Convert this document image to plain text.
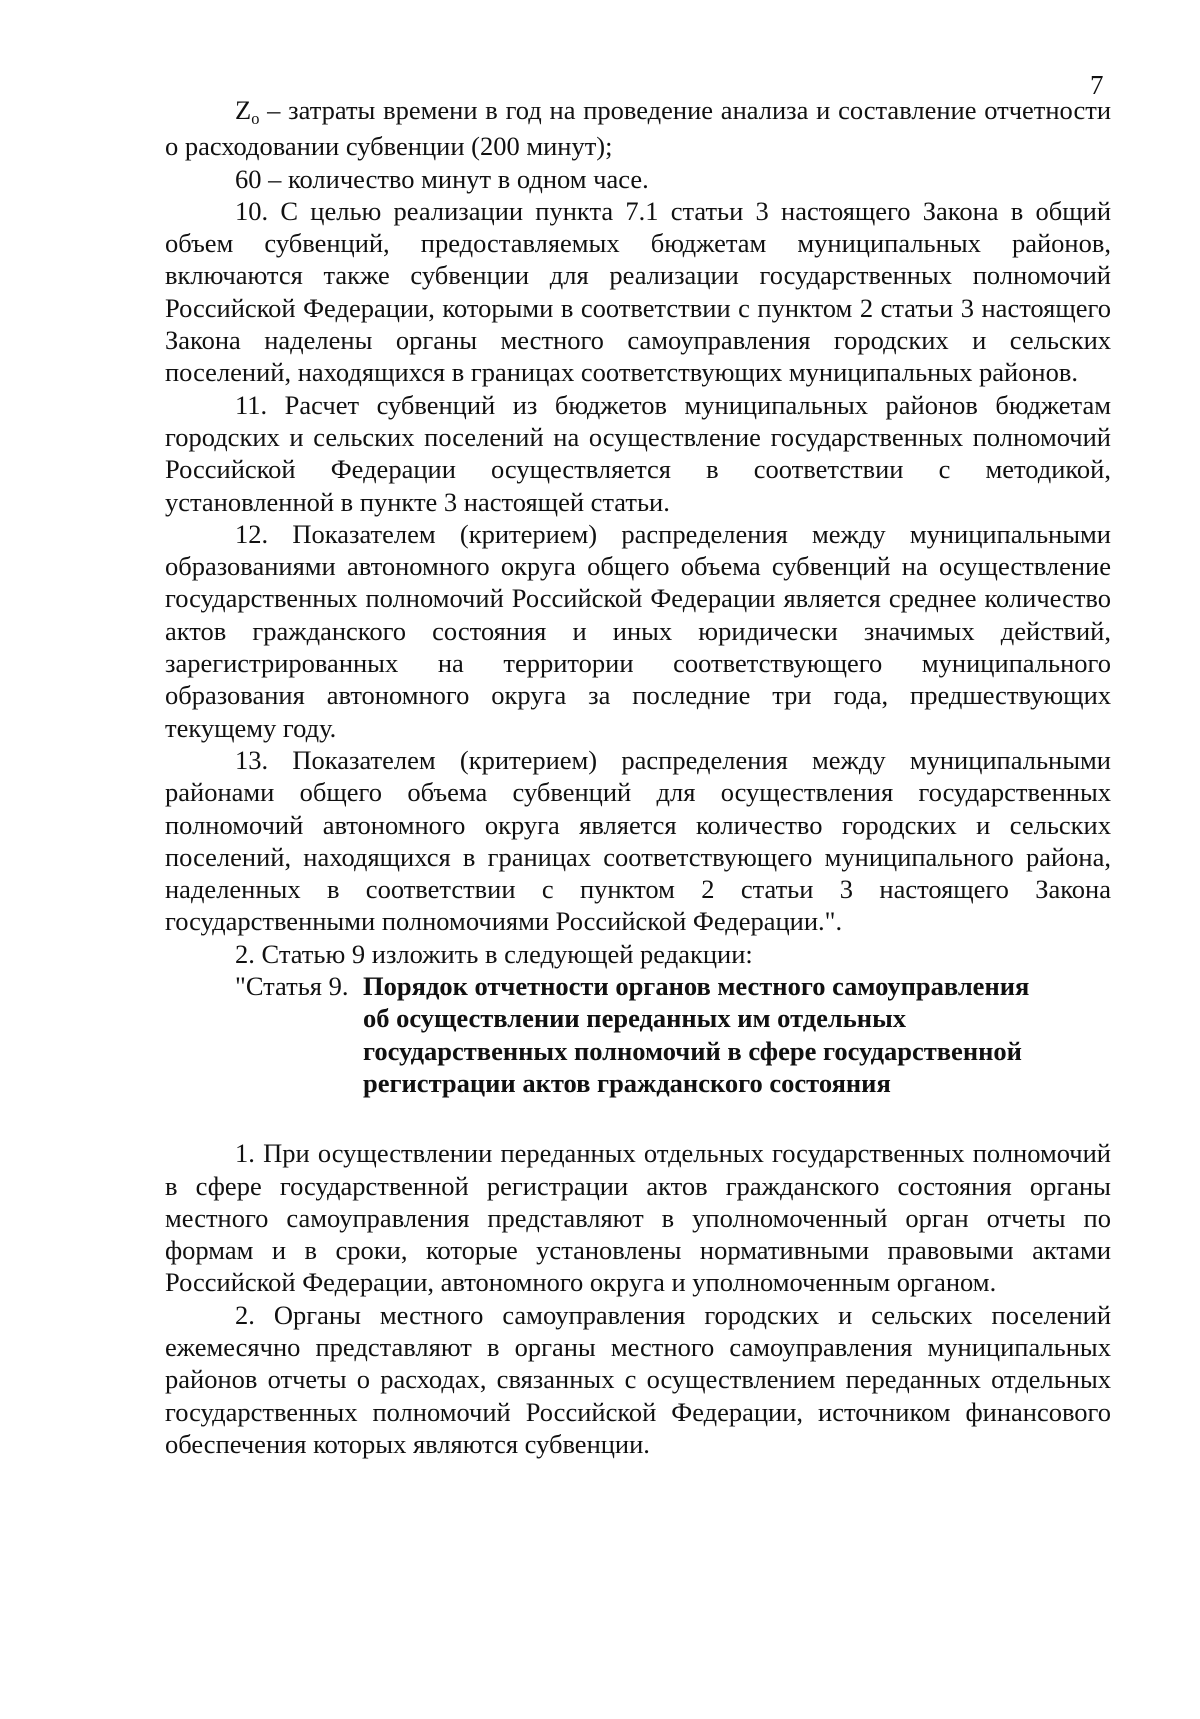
7

Zо – затраты времени в год на проведение анализа и составление отчетности о расходовании субвенции (200 минут);

60 – количество минут в одном часе.

10. С целью реализации пункта 7.1 статьи 3 настоящего Закона в общий объем субвенций, предоставляемых бюджетам муниципальных районов, включаются также субвенции для реализации государственных полномочий Российской Федерации, которыми в соответствии с пунктом 2 статьи 3 настоящего Закона наделены органы местного самоуправления городских и сельских поселений, находящихся в границах соответствующих муниципальных районов.

11. Расчет субвенций из бюджетов муниципальных районов бюджетам городских и сельских поселений на осуществление государственных полномочий Российской Федерации осуществляется в соответствии с методикой, установленной в пункте 3 настоящей статьи.

12. Показателем (критерием) распределения между муниципальными образованиями автономного округа общего объема субвенций на осуществление государственных полномочий Российской Федерации является среднее количество актов гражданского состояния и иных юридически значимых действий, зарегистрированных на территории соответствующего муниципального образования автономного округа за последние три года, предшествующих текущему году.

13. Показателем (критерием) распределения между муниципальными районами общего объема субвенций для осуществления государственных полномочий автономного округа является количество городских и сельских поселений, находящихся в границах соответствующего муниципального района, наделенных в соответствии с пунктом 2 статьи 3 настоящего Закона государственными полномочиями Российской Федерации.".

2. Статью 9 изложить в следующей редакции:

"Статья 9. Порядок отчетности органов местного самоуправления
об осуществлении переданных им отдельных
государственных полномочий в сфере государственной
регистрации актов гражданского состояния

1. При осуществлении переданных отдельных государственных полномочий в сфере государственной регистрации актов гражданского состояния органы местного самоуправления представляют в уполномоченный орган отчеты по формам и в сроки, которые установлены нормативными правовыми актами Российской Федерации, автономного округа и уполномоченным органом.

2. Органы местного самоуправления городских и сельских поселений ежемесячно представляют в органы местного самоуправления муниципальных районов отчеты о расходах, связанных с осуществлением переданных отдельных государственных полномочий Российской Федерации, источником финансового обеспечения которых являются субвенции.
